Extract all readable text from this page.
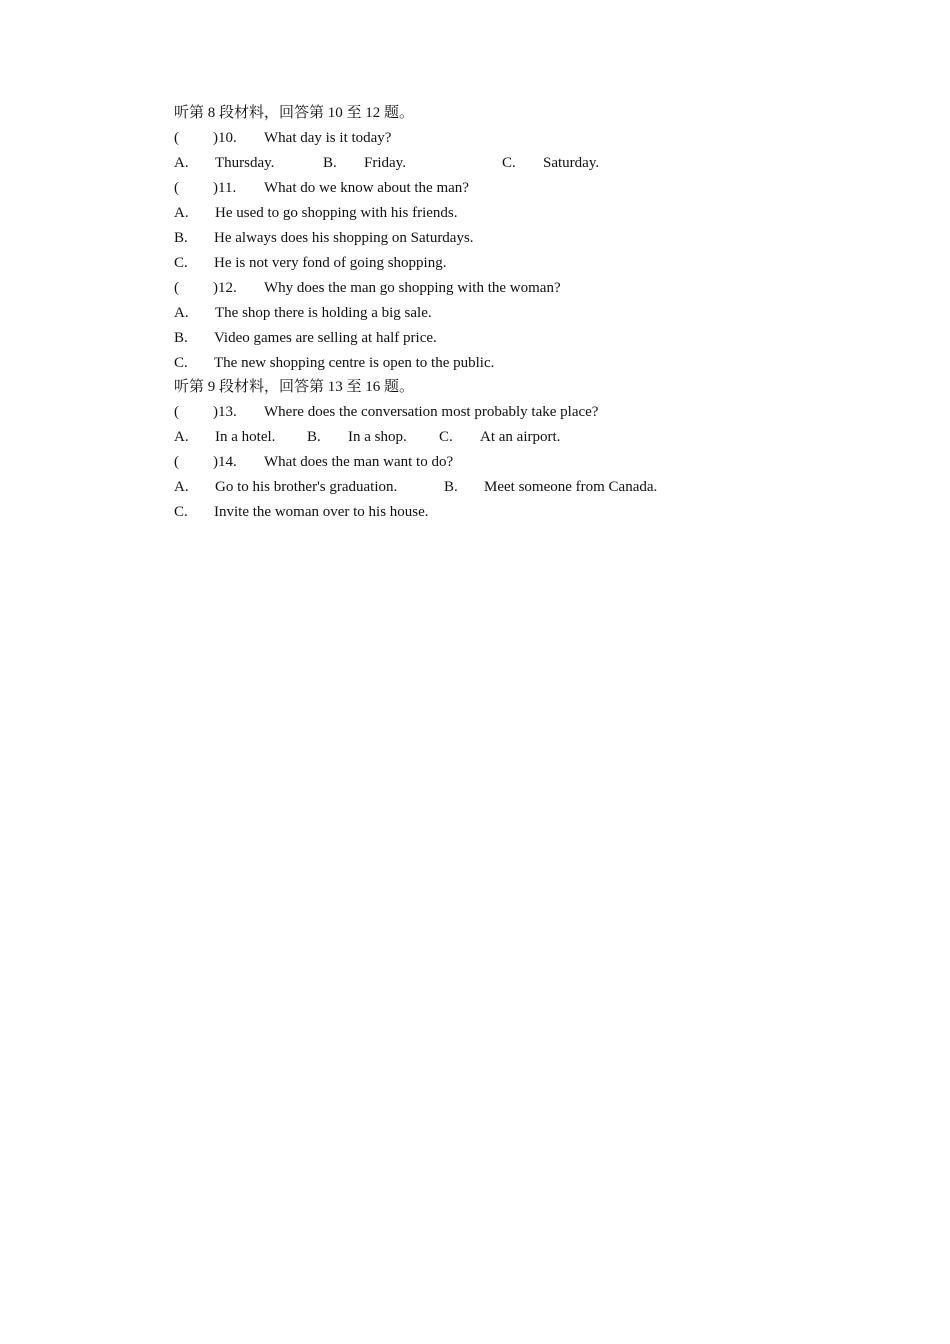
听第 8 段材料，回答第 10 至 12 题。
( )10. What day is it today?
A. Thursday.	B. Friday.	C. Saturday.
( )11. What do we know about the man?
A. He used to go shopping with his friends.
B. He always does his shopping on Saturdays.
C. He is not very fond of going shopping.
( )12. Why does the man go shopping with the woman?
A. The shop there is holding a big sale.
B. Video games are selling at half price.
C. The new shopping centre is open to the public.
听第 9 段材料，回答第 13 至 16 题。
( )13. Where does the conversation most probably take place?
A. In a hotel. B. In a shop. C. At an airport.
( )14. What does the man want to do?
A. Go to his brother's graduation.	B. Meet someone from Canada.
C. Invite the woman over to his house.
